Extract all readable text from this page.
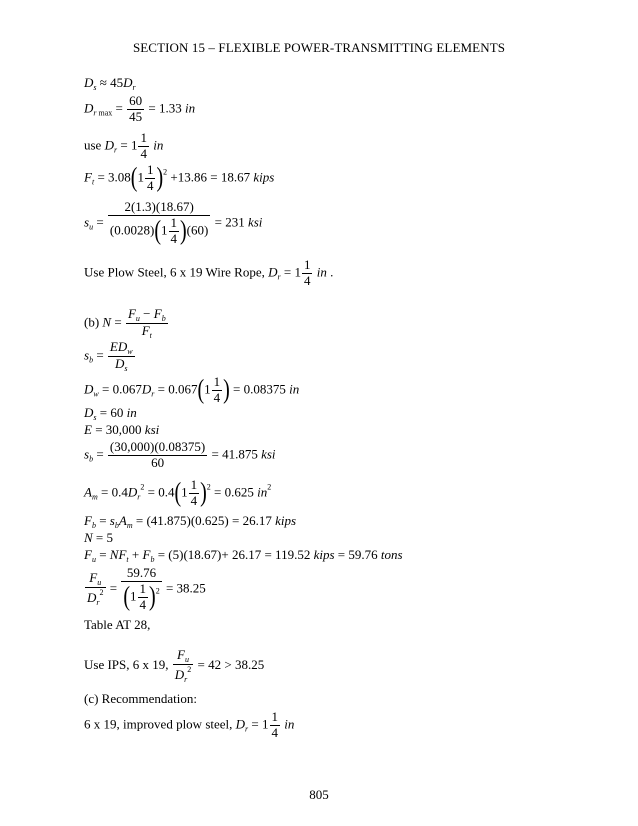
SECTION 15 – FLEXIBLE POWER-TRANSMITTING ELEMENTS
$D_s \approx 45D_r$
$D_{r max} = \frac{60}{45} = 1.33$ in
use $D_r = 1 \frac{1}{4}$ in
$F_t = 3.08(1 \frac{1}{4} )^2 +13.86 = 18.67$ kips
$s_u = \frac{2(1.3)(18.67)}{(0.0028)(1 \frac{1}{4} )(60)} = 231$ ksi
Use Plow Steel, 6 x 19 Wire Rope, $D_r = 1 \frac{1}{4}$ in .
(b) $N = \frac{F_u - F_b}{F_t}$
$s_b$ =
$ED_w$
$D_s$
$D_w = 0.067D_r = 0.067(1 \frac{1}{4}$ ) = 0.08375 in
$D_s = 60$ in
E = 30,000 ksi
$s_b = \frac{(30,000)(0.08375)}{60} = 41.875$ ksi
$A_m = 0.4D_r^2 = 0.4(1 \frac{1}{4} )^2 = 0.625$ $in^2$
$F_b = s_bA_m = (41.875)(0.625) = 26.17$ kips
N = 5
$F_u = NF_t + F_b = (5)(18.67)+ 26.17 = 119.52$ kips = 59.76 tons
$\frac{F_u}{D_r^2} = \frac{59.76}{(1 \frac{1}{4} )^2} = 38.25$
Table AT 28,
Use IPS, 6 x 19, $\frac{F_u}{D_r^2} = 42 > 38.25$
(c) Recommendation:
6 x 19, improved plow steel, $D_r = 1 \frac{1}{4}$ in
805
